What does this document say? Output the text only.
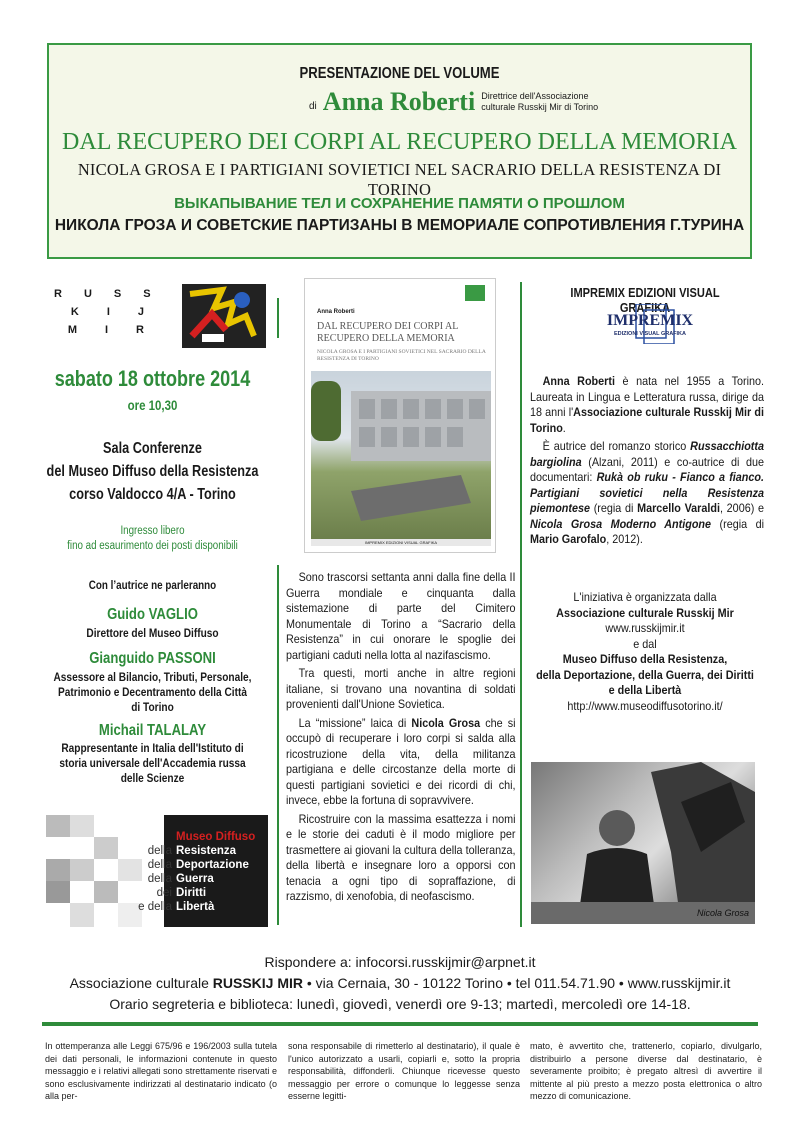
PRESENTAZIONE DEL VOLUME
di Anna Roberti Direttrice dell'Associazione
culturale Russkij Mir di Torino
DAL RECUPERO DEI CORPI AL RECUPERO DELLA MEMORIA
NICOLA GROSA E I PARTIGIANI SOVIETICI NEL SACRARIO DELLA RESISTENZA DI TORINO
ВЫКАПЫВАНИЕ ТЕЛ И СОХРАНЕНИЕ ПАМЯТИ О ПРОШЛОМ
НИКОЛА ГРОЗА И СОВЕТСКИЕ ПАРТИЗАНЫ В МЕМОРИАЛЕ СОПРОТИВЛЕНИЯ Г.ТУРИНА
RUSS
KIJ
MIR
sabato 18 ottobre 2014
ore 10,30
Sala Conferenze
del Museo Diffuso della Resistenza
corso Valdocco 4/A - Torino
Ingresso libero
fino ad esaurimento dei posti disponibili
Con l’autrice ne parleranno
Guido VAGLIO
Direttore del Museo Diffuso
Gianguido PASSONI
Assessore al Bilancio, Tributi, Personale, Patrimonio e Decentramento della Città di Torino
Michail TALALAY
Rappresentante in Italia dell'Istituto di storia universale dell'Accademia russa delle Scienze
Museo Diffuso
della Resistenza
della Deportazione
della Guerra
dei Diritti
e della Libertà
Anna Roberti
DAL RECUPERO DEI CORPI AL RECUPERO DELLA MEMORIA
NICOLA GROSA E I PARTIGIANI SOVIETICI NEL SACRARIO DELLA RESISTENZA DI TORINO
IMPREMIX EDIZIONI VISUAL GRAFIKA

Sono trascorsi settanta anni dalla fine della II Guerra mondiale e cinquanta dalla sistemazione di parte del Cimitero Monumentale di Torino a “Sacrario della Resistenza” in cui onorare le spoglie dei partigiani caduti nella lotta al nazifascismo.

Tra questi, morti anche in altre regioni italiane, si trovano una novantina di soldati provenienti dall'Unione Sovietica.

La “missione” laica di Nicola Grosa che si occupò di recuperare i loro corpi si salda alla ricostruzione della vita, della militanza partigiana e delle circostanze della morte di questi partigiani sovietici e dei ricordi di chi, invece, ebbe la fortuna di sopravvivere.

Ricostruire con la massima esattezza i nomi e le storie dei caduti è il modo migliore per trasmettere ai giovani la cultura della tolleranza, della libertà e insegnare loro a opporsi con tenacia a ogni tipo di sopraffazione, di razzismo, di xenofobia, di neofascismo.

IMPREMIX EDIZIONI VISUAL GRAFIKA
IMPREMIX
EDIZIONI VISUAL GRAFIKA

Anna Roberti è nata nel 1955 a Torino. Laureata in Lingua e Letteratura russa, dirige da 18 anni l'Associazione culturale Russkij Mir di Torino.

È autrice del romanzo storico Russacchiotta bargiolina (Alzani, 2011) e co-autrice di due documentari: Rukà ob ruku - Fianco a fianco. Partigiani sovietici nella Resistenza piemontese (regia di Marcello Varaldi, 2006) e Nicola Grosa Moderno Antigone (regia di Mario Garofalo, 2012).

L'iniziativa è organizzata dalla
Associazione culturale Russkij Mir
www.russkijmir.it
e dal
Museo Diffuso della Resistenza,
della Deportazione, della Guerra, dei Diritti
e della Libertà
http://www.museodiffusotorino.it/
Nicola Grosa
Rispondere a: infocorsi.russkijmir@arpnet.it
Associazione culturale RUSSKIJ MIR • via Cernaia, 30 - 10122 Torino • tel 011.54.71.90 • www.russkijmir.it
Orario segreteria e biblioteca: lunedì, giovedì, venerdì ore 9-13; martedì, mercoledì ore 14-18.
In ottemperanza alle Leggi 675/96 e 196/2003 sulla tutela dei dati personali, le informazioni contenute in questo messaggio e i relativi allegati sono strettamente riservati e sono esclusivamente indirizzati al destinatario indicato (o alla per-
sona responsabile di rimetterlo al destinatario), il quale è l'unico autorizzato a usarli, copiarli e, sotto la propria responsabilità, diffonderli. Chiunque ricevesse questo messaggio per errore o comunque lo leggesse senza esserne legitti-
mato, è avvertito che, trattenerlo, copiarlo, divulgarlo, distribuirlo a persone diverse dal destinatario, è severamente proibito; è pregato altresì di avvertire il mittente al più presto a mezzo posta elettronica o altro mezzo di comunicazione.
